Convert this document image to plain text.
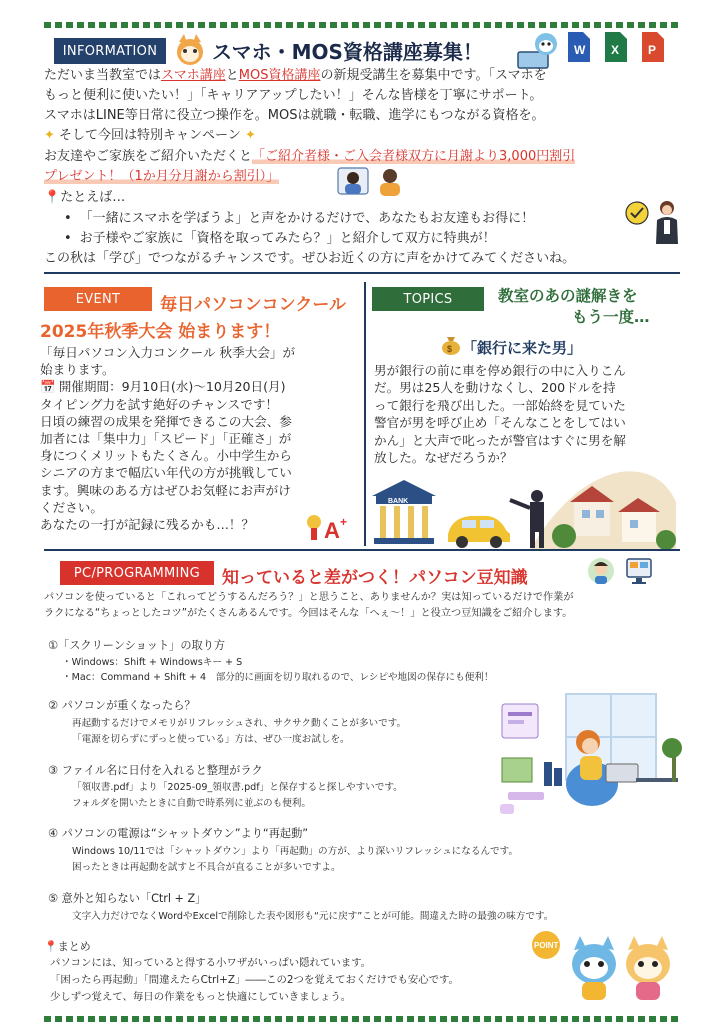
INFORMATION	スマホ・MOS資格講座募集！	W X P
ただいま当教室ではスマホ講座とMOS資格講座の新規受講生を募集中です。「スマホを
もっと便利に使いたい！」「キャリアアップしたい！」そんな皆様を丁寧にサポート。
スマホはLINE等日常に役立つ操作を。MOSは就職・転職、進学にもつながる資格を。
✦ そして今回は特別キャンペーン ✦
お友達やご家族をご紹介いただくと「ご紹介者様・ご入会者様双方に月謝より3,000円割引
プレゼント！（1か月分月謝から割引）」
📍たとえば…
• 「一緒にスマホを学ぼうよ」と声をかけるだけで、あなたもお友達もお得に！
• お子様やご家族に「資格を取ってみたら？」と紹介して双方に特典が！
この秋は「学び」でつながるチャンスです。ぜひお近くの方に声をかけてみてくださいね。
EVENT	毎日パソコンコンクール
2025年秋季大会 始まります！
「毎日パソコン入力コンクール 秋季大会」が
始まります。
📅 開催期間：9月10日(水)～10月20日(月)
タイピング力を試す絶好のチャンスです！
日頃の練習の成果を発揮できるこの大会、参
加者には「集中力」「スピード」「正確さ」が
身につくメリットもたくさん。小中学生から
シニアの方まで幅広い年代の方が挑戦してい
ます。興味のある方はぜひお気軽にお声がけ
ください。
あなたの一打が記録に残るかも…！？	A +
TOPICS	教室のあの謎解きを
もう一度…
$ 「銀行に来た男」
男が銀行の前に車を停め銀行の中に入りこん
だ。男は25人を動けなくし、200ドルを持
って銀行を飛び出した。一部始終を見ていた
警官が男を呼び止め「そんなことをしてはい
かん」と大声で叱ったが警官はすぐに男を解
放した。なぜだろうか？
BANK
PC/PROGRAMMING	知っていると差がつく！パソコン豆知識
パソコンを使っていると「これってどうするんだろう？」と思うこと、ありませんか？実は知っているだけで作業が
ラクになる“ちょっとしたコツ”がたくさんあるんです。今回はそんな「へぇ～！」と役立つ豆知識をご紹介します。
①「スクリーンショット」の取り方
・Windows：Shift + Windowsキー + S
・Mac：Command + Shift + 4　部分的に画面を切り取れるので、レシピや地図の保存にも便利！
② パソコンが重くなったら？
再起動するだけでメモリがリフレッシュされ、サクサク動くことが多いです。
「電源を切らずにずっと使っている」方は、ぜひ一度お試しを。
③ ファイル名に日付を入れると整理がラク
「領収書.pdf」より「2025-09_領収書.pdf」と保存すると探しやすいです。
フォルダを開いたときに自動で時系列に並ぶのも便利。
④ パソコンの電源は“シャットダウン”より“再起動”
Windows 10/11では「シャットダウン」より「再起動」の方が、より深いリフレッシュになるんです。
困ったときは再起動を試すと不具合が直ることが多いですよ。
⑤ 意外と知らない「Ctrl + Z」
文字入力だけでなくWordやExcelで削除した表や図形も“元に戻す”ことが可能。間違えた時の最強の味方です。
📍まとめ
パソコンには、知っていると得する小ワザがいっぱい隠れています。
「困ったら再起動」「間違えたらCtrl+Z」――この2つを覚えておくだけでも安心です。
少しずつ覚えて、毎日の作業をもっと快適にしていきましょう。
POINT
